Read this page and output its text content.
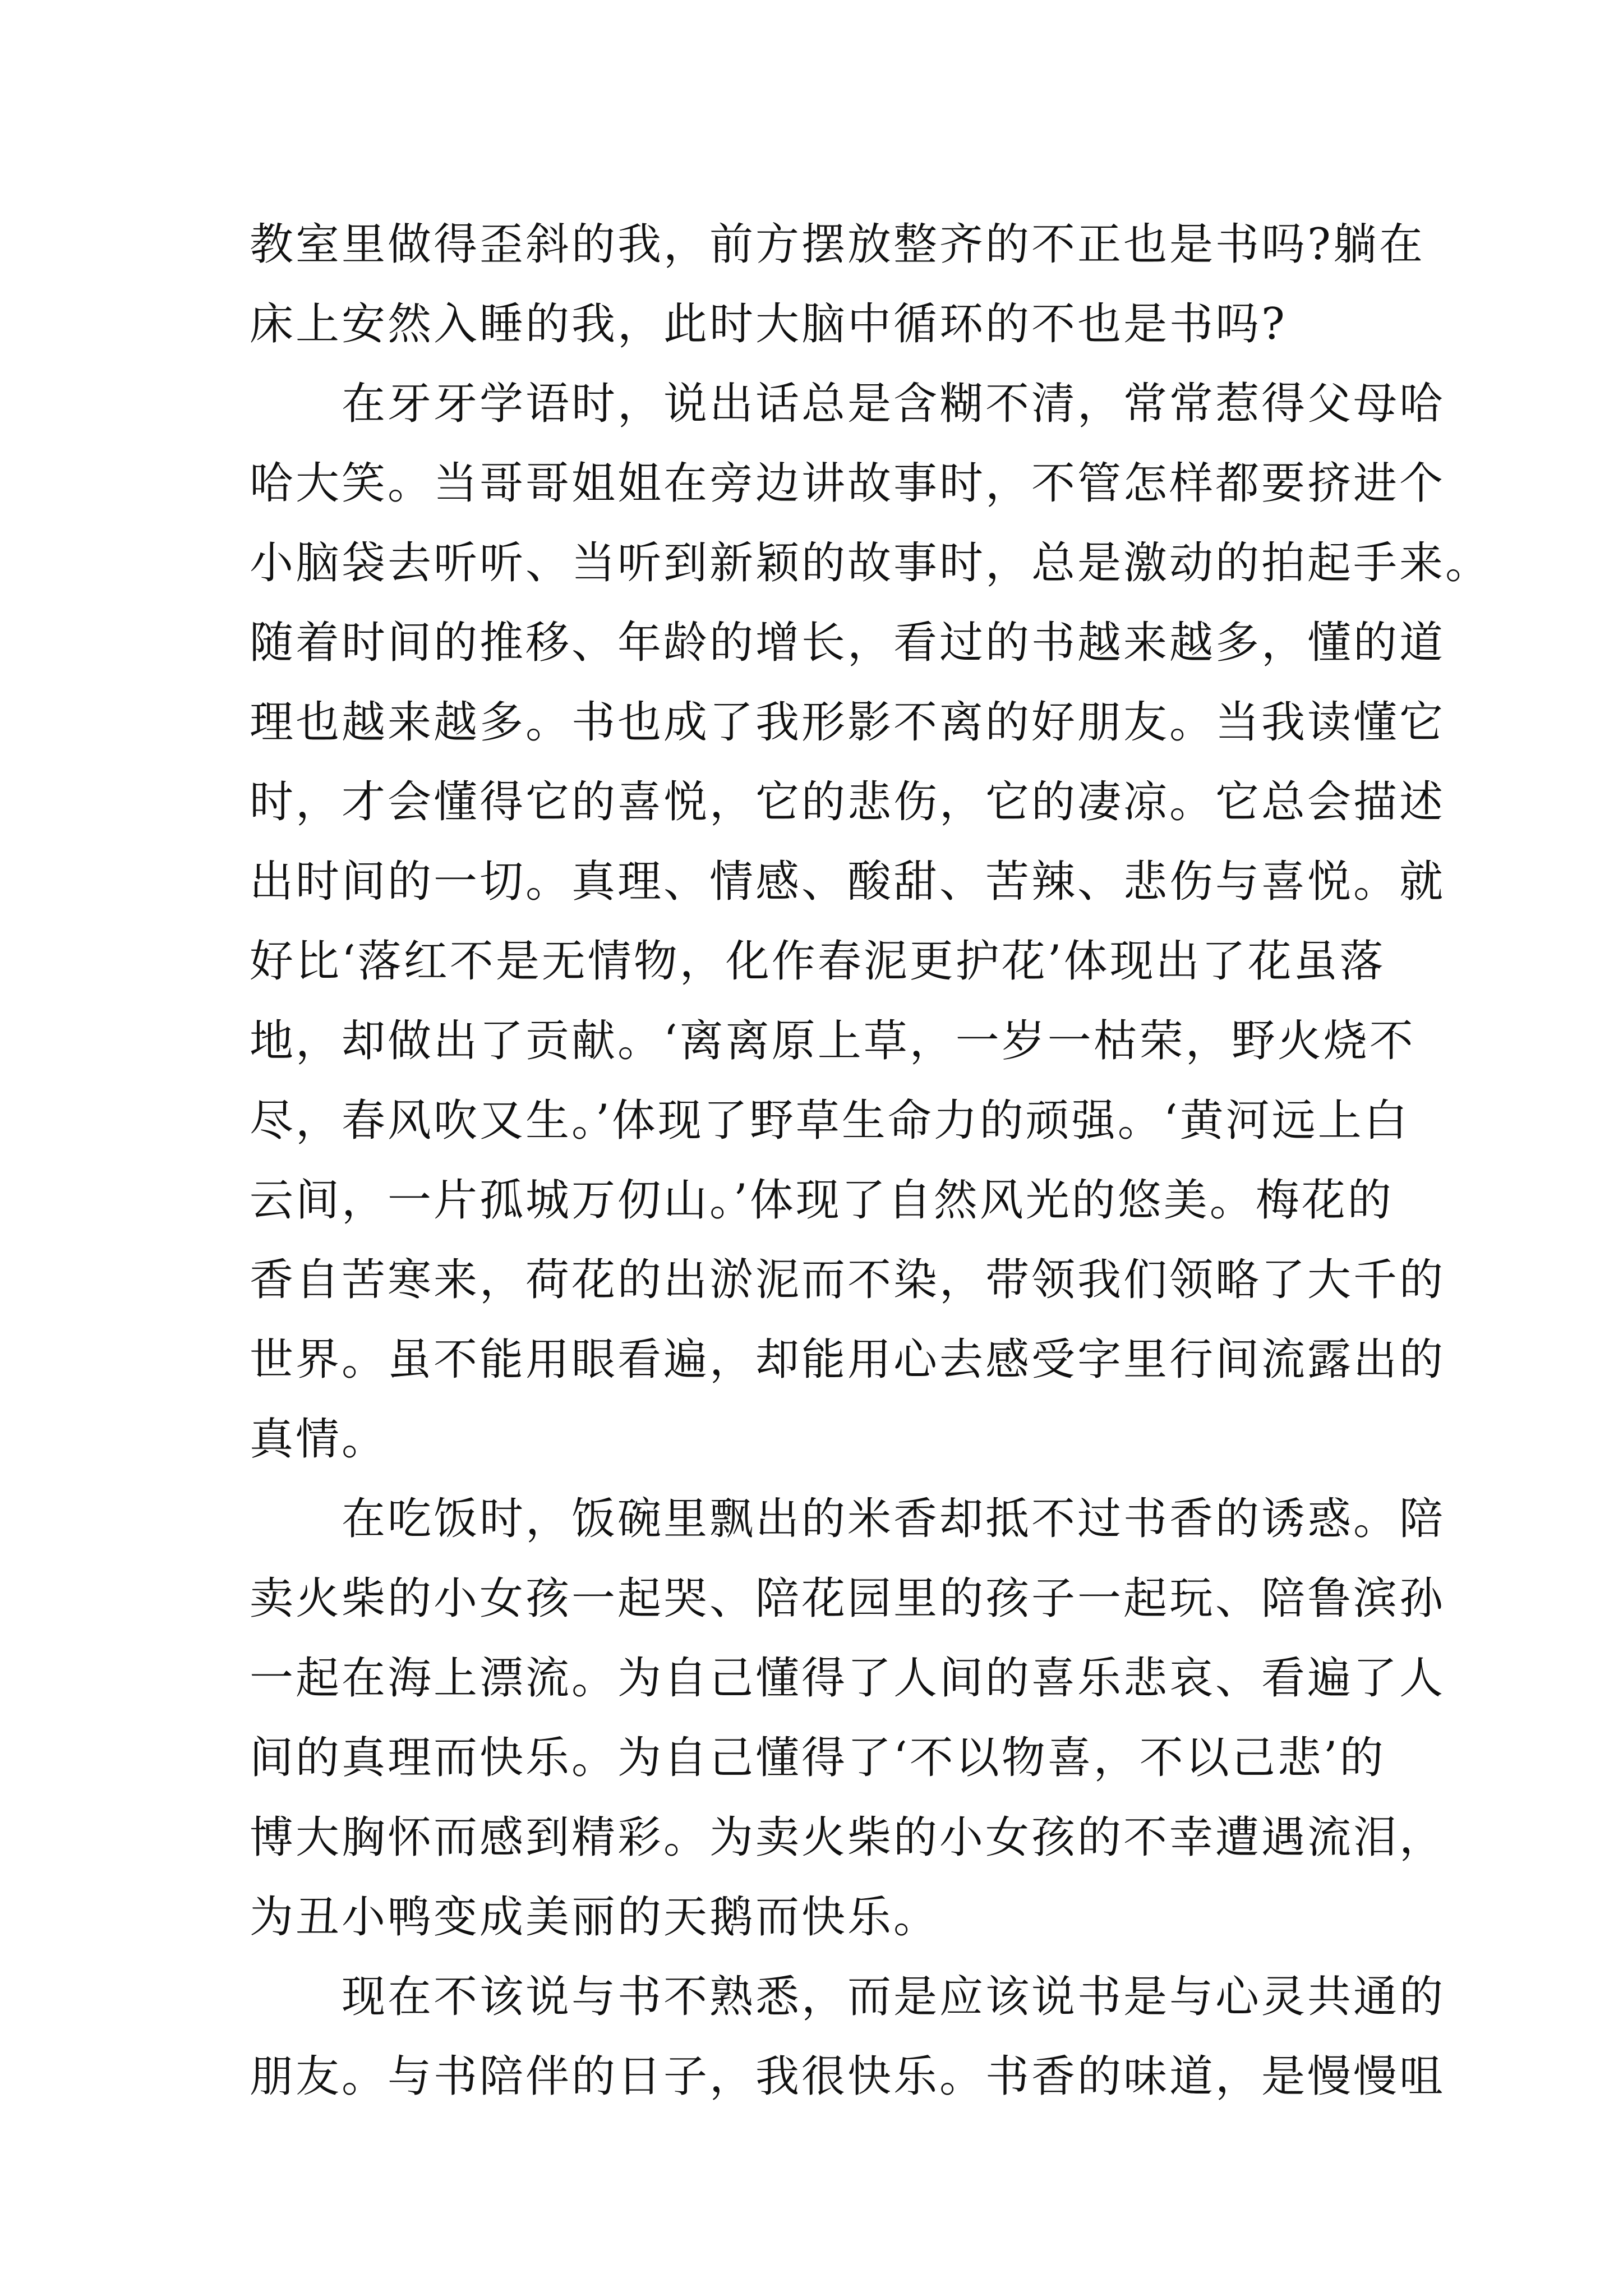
教室里做得歪斜的我，前方摆放整齐的不正也是书吗?躺在
床上安然入睡的我，此时大脑中循环的不也是书吗?
　　在牙牙学语时，说出话总是含糊不清，常常惹得父母哈
哈大笑。当哥哥姐姐在旁边讲故事时，不管怎样都要挤进个
小脑袋去听听、当听到新颖的故事时，总是激动的拍起手来。
随着时间的推移、年龄的增长，看过的书越来越多，懂的道
理也越来越多。书也成了我形影不离的好朋友。当我读懂它
时，才会懂得它的喜悦，它的悲伤，它的凄凉。它总会描述
出时间的一切。真理、情感、酸甜、苦辣、悲伤与喜悦。就
好比‘落红不是无情物，化作春泥更护花’体现出了花虽落
地，却做出了贡献。‘离离原上草，一岁一枯荣，野火烧不
尽，春风吹又生。’体现了野草生命力的顽强。‘黄河远上白
云间，一片孤城万仞山。’体现了自然风光的悠美。梅花的
香自苦寒来，荷花的出淤泥而不染，带领我们领略了大千的
世界。虽不能用眼看遍，却能用心去感受字里行间流露出的
真情。
　　在吃饭时，饭碗里飘出的米香却抵不过书香的诱惑。陪
卖火柴的小女孩一起哭、陪花园里的孩子一起玩、陪鲁滨孙
一起在海上漂流。为自己懂得了人间的喜乐悲哀、看遍了人
间的真理而快乐。为自己懂得了‘不以物喜，不以己悲’的
博大胸怀而感到精彩。为卖火柴的小女孩的不幸遭遇流泪，
为丑小鸭变成美丽的天鹅而快乐。
　　现在不该说与书不熟悉，而是应该说书是与心灵共通的
朋友。与书陪伴的日子，我很快乐。书香的味道，是慢慢咀
